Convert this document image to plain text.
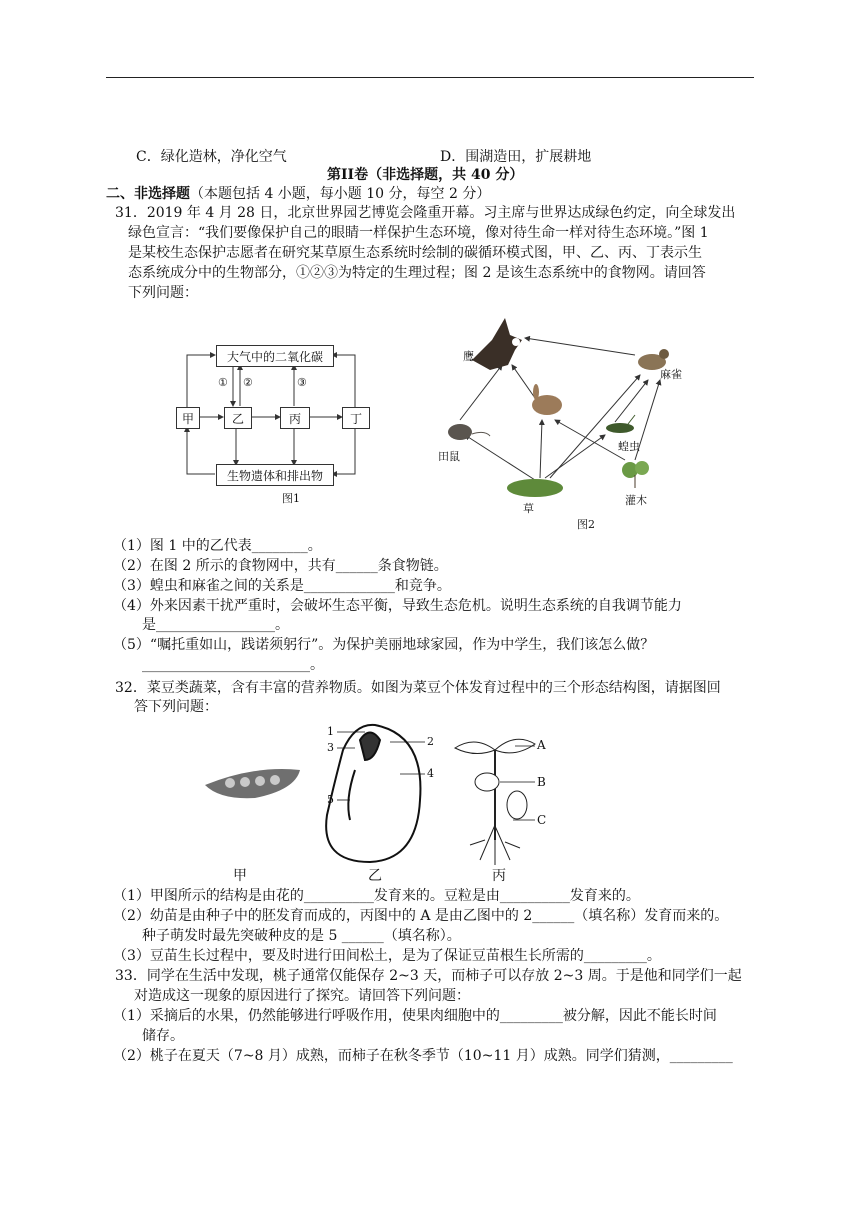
C．绿化造林，净化空气	D．围湖造田，扩展耕地
第II卷（非选择题，共 40 分）
二、非选择题（本题包括 4 小题，每小题 10 分，每空 2 分）
31．2019 年 4 月 28 日，北京世界园艺博览会隆重开幕。习主席与世界达成绿色约定，向全球发出
绿色宣言：“我们要像保护自己的眼睛一样保护生态环境，像对待生命一样对待生态环境。”图 1
是某校生态保护志愿者在研究某草原生态系统时绘制的碳循环模式图，甲、乙、丙、丁表示生
态系统成分中的生物部分，①②③为特定的生理过程；图 2 是该生态系统中的食物网。请回答
下列问题：
大气中的二氧化碳
生物遗体和排出物
甲	乙	丙	丁
① ②	③
图1
鹰
麻雀
田鼠
蝗虫
草
灌木
图2
（1）图 1 中的乙代表________。
（2）在图 2 所示的食物网中，共有______条食物链。
（3）蝗虫和麻雀之间的关系是_____________和竞争。
（4）外来因素干扰严重时，会破坏生态平衡，导致生态危机。说明生态系统的自我调节能力
是_________________。
（5）“嘱托重如山，践诺须躬行”。为保护美丽地球家园，作为中学生，我们该怎么做？
________________________。
32．菜豆类蔬菜，含有丰富的营养物质。如图为菜豆个体发育过程中的三个形态结构图，请据图回
答下列问题：
1
3
5
2
4
A
B
C
甲	乙	丙
（1）甲图所示的结构是由花的__________发育来的。豆粒是由__________发育来的。
（2）幼苗是由种子中的胚发育而成的，丙图中的 A 是由乙图中的 2______（填名称）发育而来的。
种子萌发时最先突破种皮的是 5 ______（填名称）。
（3）豆苗生长过程中，要及时进行田间松土，是为了保证豆苗根生长所需的_________。
33．同学在生活中发现，桃子通常仅能保存 2~3 天，而柿子可以存放 2~3 周。于是他和同学们一起
对造成这一现象的原因进行了探究。请回答下列问题：
（1）采摘后的水果，仍然能够进行呼吸作用，使果肉细胞中的_________被分解，因此不能长时间
储存。
（2）桃子在夏天（7~8 月）成熟，而柿子在秋冬季节（10~11 月）成熟。同学们猜测，_________
